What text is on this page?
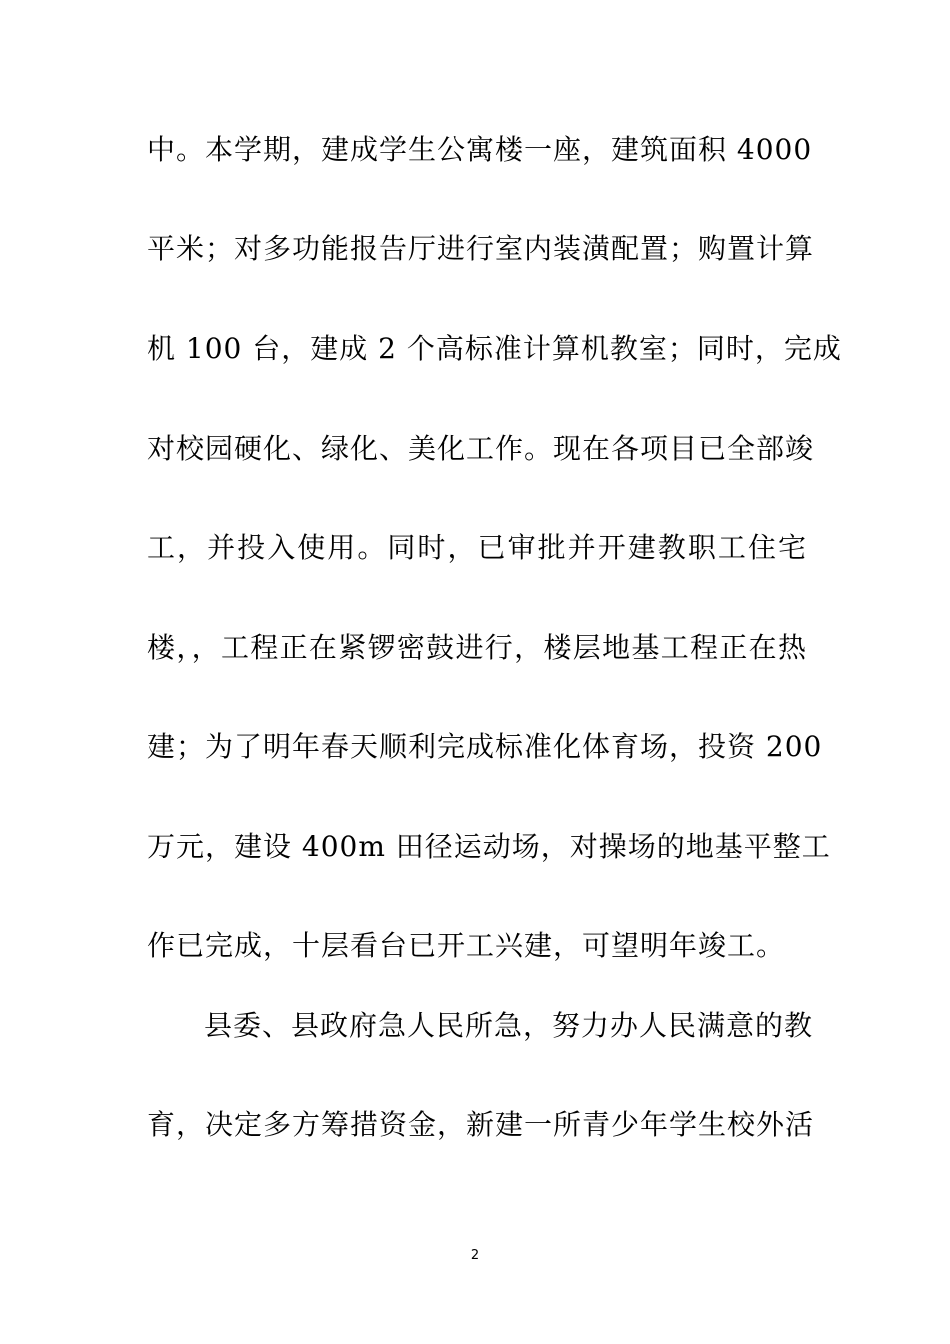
中。本学期，建成学生公寓楼一座，建筑面积 4000
平米；对多功能报告厅进行室内装潢配置；购置计算
机 100 台，建成 2 个高标准计算机教室；同时，完成
对校园硬化、绿化、美化工作。现在各项目已全部竣
工，并投入使用。同时，已审批并开建教职工住宅
楼，，工程正在紧锣密鼓进行，楼层地基工程正在热
建；为了明年春天顺利完成标准化体育场，投资 200
万元，建设 400m 田径运动场，对操场的地基平整工
作已完成，十层看台已开工兴建，可望明年竣工。
县委、县政府急人民所急，努力办人民满意的教
育，决定多方筹措资金，新建一所青少年学生校外活
2
